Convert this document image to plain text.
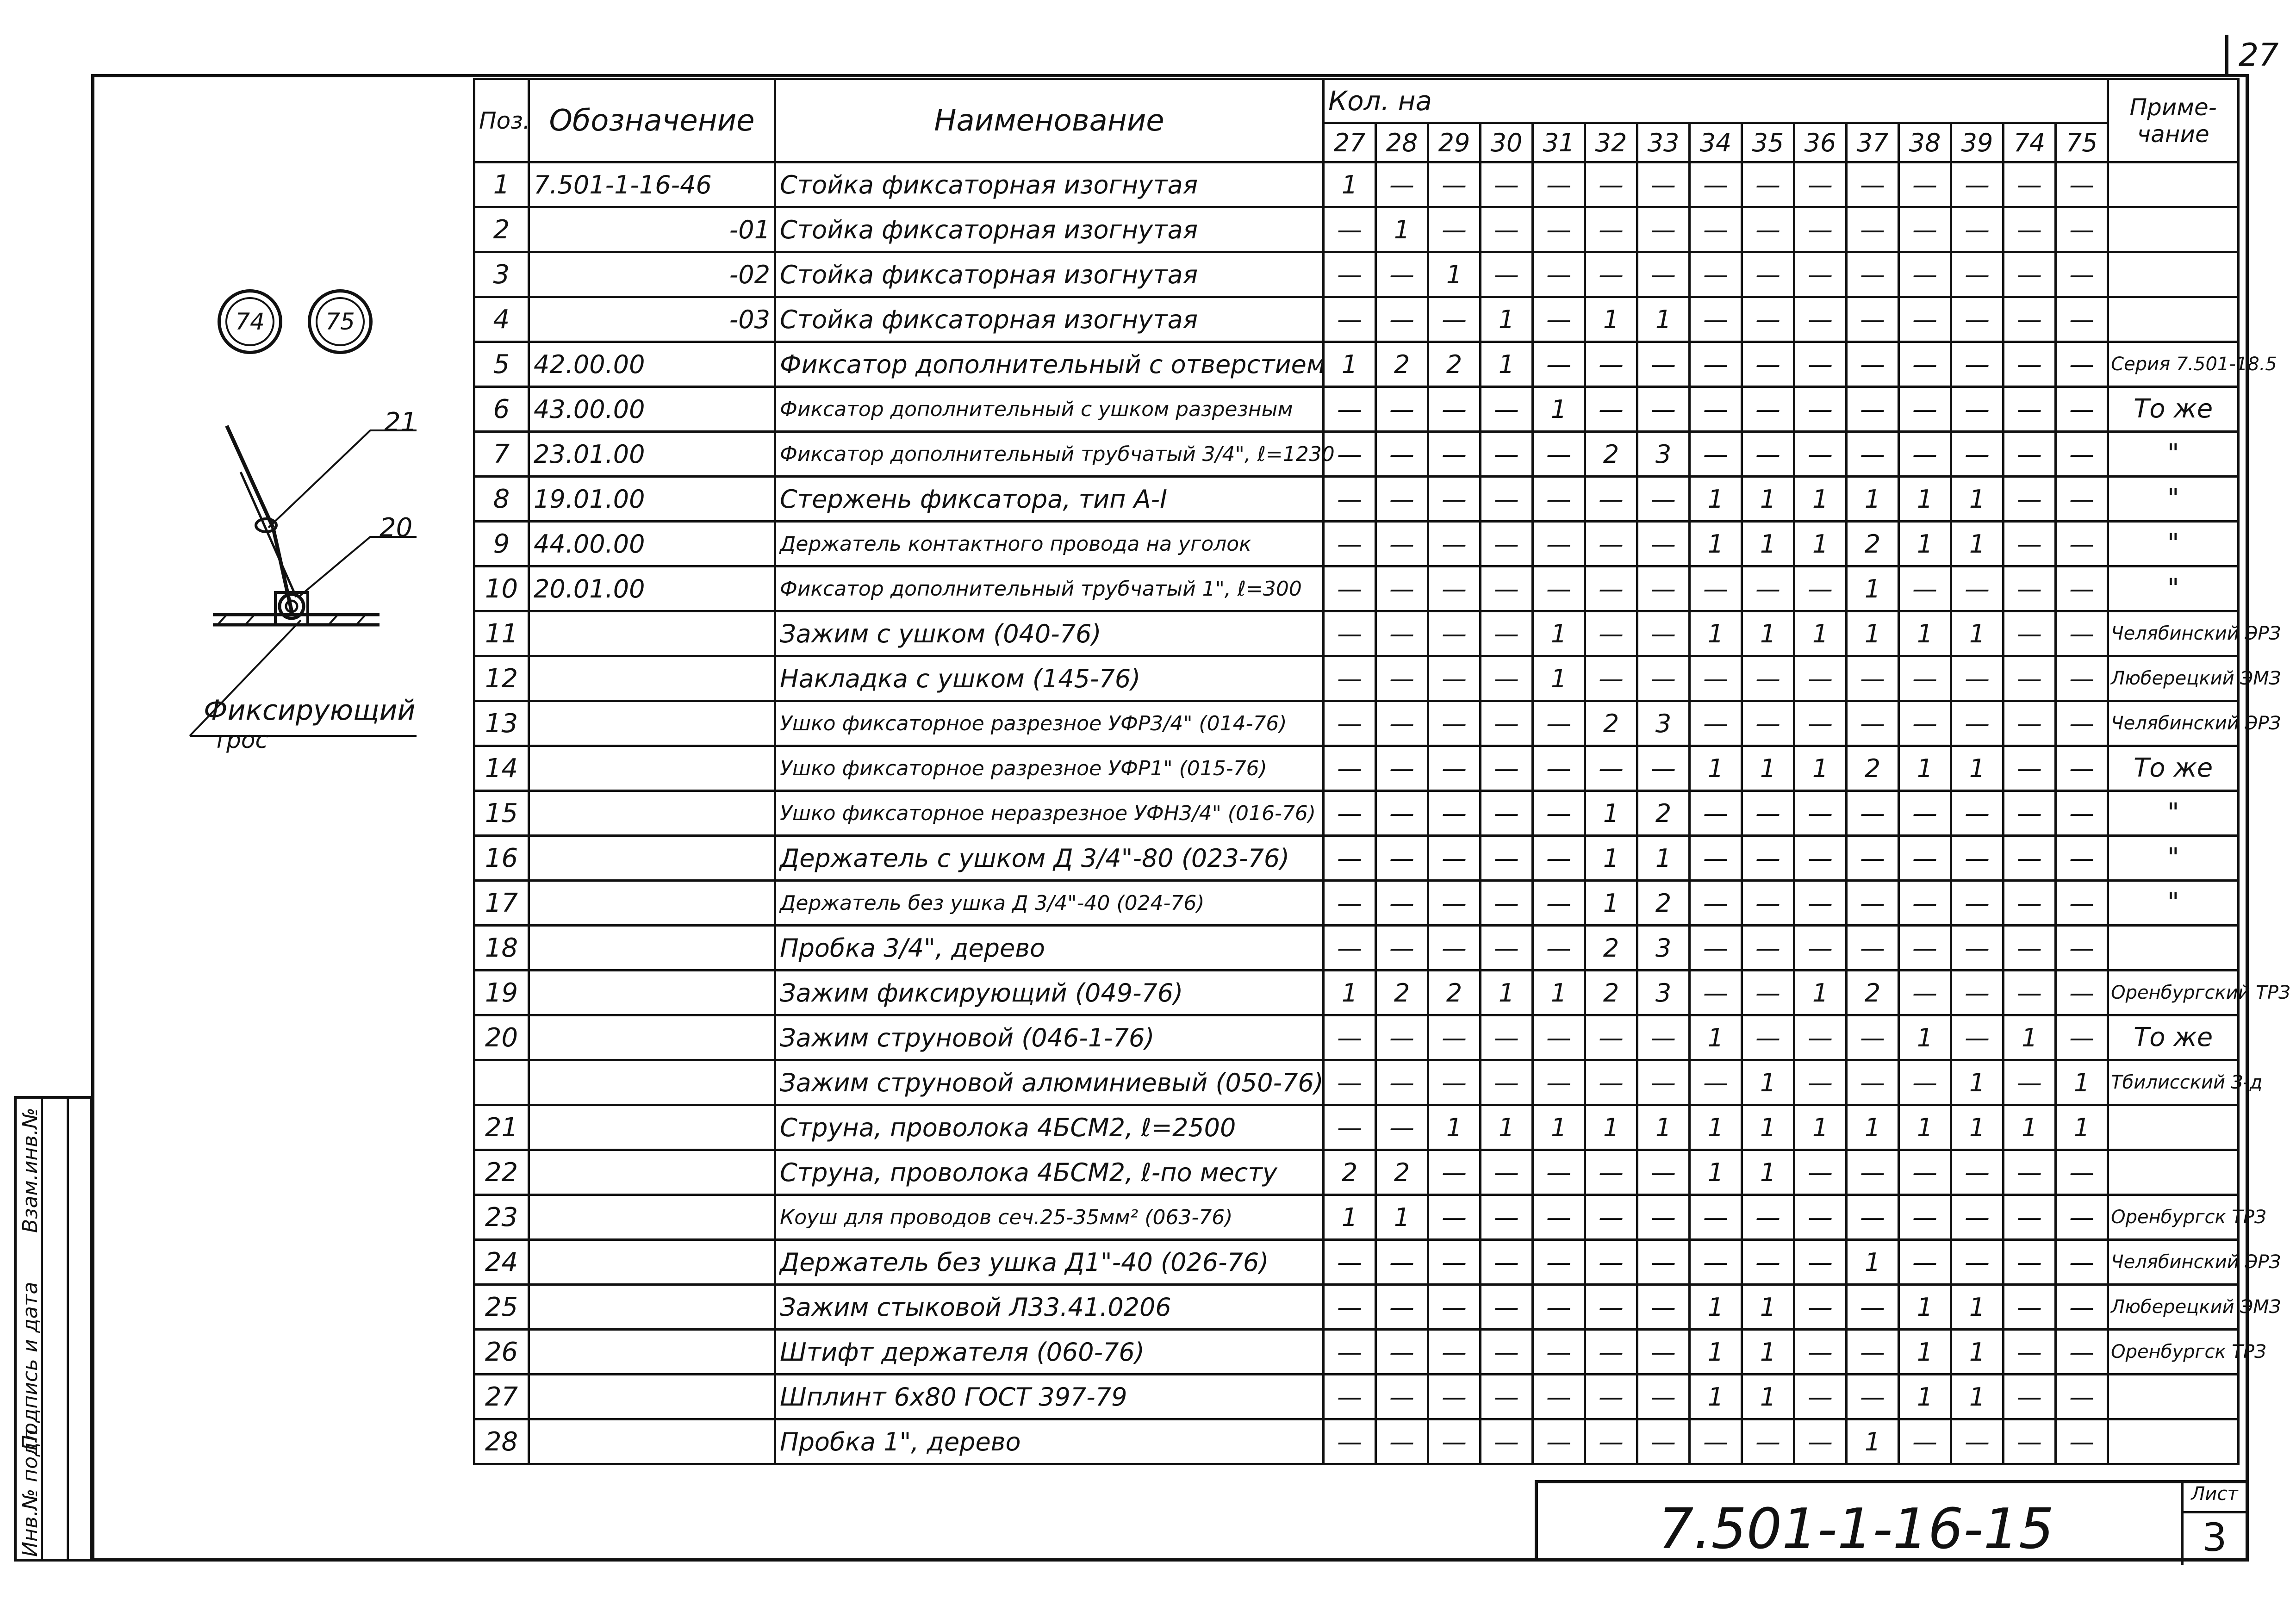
27
Инв.№ подл.
Подпись и дата
Взам.инв.№
74	75
21
20
Фиксирующий
трос
Поз.	Обозначение	Наименование	Кол. на															Приме-
чание

			27	28	29	30	31	32	33	34	35	36	37	38	39	74	75	
1	7.501-1-16-46	Стойка фиксаторная изогнутая	1	—	—	—	—	—	—	—	—	—	—	—	—	—	—	
2	-01	Стойка фиксаторная изогнутая	—	1	—	—	—	—	—	—	—	—	—	—	—	—	—	
3	-02	Стойка фиксаторная изогнутая	—	—	1	—	—	—	—	—	—	—	—	—	—	—	—	
4	-03	Стойка фиксаторная изогнутая	—	—	—	1	—	1	1	—	—	—	—	—	—	—	—	
5	42.00.00	Фиксатор дополнительный с отверстием	1	2	2	1	—	—	—	—	—	—	—	—	—	—	—	Серия 7.501-18.5
6	43.00.00	Фиксатор дополнительный с ушком разрезным	—	—	—	—	1	—	—	—	—	—	—	—	—	—	—	То же
7	23.01.00	Фиксатор дополнительный трубчатый 3/4", ℓ=1230	—	—	—	—	—	2	3	—	—	—	—	—	—	—	—	"
8	19.01.00	Стержень фиксатора, тип А-I	—	—	—	—	—	—	—	1	1	1	1	1	1	—	—	"
9	44.00.00	Держатель контактного провода на уголок	—	—	—	—	—	—	—	1	1	1	2	1	1	—	—	"
10	20.01.00	Фиксатор дополнительный трубчатый 1", ℓ=300	—	—	—	—	—	—	—	—	—	—	1	—	—	—	—	"
11		Зажим с ушком (040-76)	—	—	—	—	1	—	—	1	1	1	1	1	1	—	—	Челябинский ЭРЗ
12		Накладка с ушком (145-76)	—	—	—	—	1	—	—	—	—	—	—	—	—	—	—	Люберецкий ЭМЗ
13		Ушко фиксаторное разрезное УФР3/4" (014-76)	—	—	—	—	—	2	3	—	—	—	—	—	—	—	—	Челябинский ЭРЗ
14		Ушко фиксаторное разрезное УФР1" (015-76)	—	—	—	—	—	—	—	1	1	1	2	1	1	—	—	То же
15		Ушко фиксаторное неразрезное УФН3/4" (016-76)	—	—	—	—	—	1	2	—	—	—	—	—	—	—	—	"
16		Держатель с ушком Д 3/4"-80 (023-76)	—	—	—	—	—	1	1	—	—	—	—	—	—	—	—	"
17		Держатель без ушка Д 3/4"-40 (024-76)	—	—	—	—	—	1	2	—	—	—	—	—	—	—	—	"
18		Пробка 3/4", дерево	—	—	—	—	—	2	3	—	—	—	—	—	—	—	—	
19		Зажим фиксирующий (049-76)	1	2	2	1	1	2	3	—	—	1	2	—	—	—	—	Оренбургский ТРЗ
20		Зажим струновой (046-1-76)	—	—	—	—	—	—	—	1	—	—	—	1	—	1	—	То же
		Зажим струновой алюминиевый (050-76)	—	—	—	—	—	—	—	—	1	—	—	—	1	—	1	Тбилисский З-д
21		Струна, проволока 4БСМ2, ℓ=2500	—	—	1	1	1	1	1	1	1	1	1	1	1	1	1	
22		Струна, проволока 4БСМ2, ℓ-по месту	2	2	—	—	—	—	—	1	1	—	—	—	—	—	—	
23		Коуш для проводов сеч.25-35мм² (063-76)	1	1	—	—	—	—	—	—	—	—	—	—	—	—	—	Оренбургск ТРЗ
24		Держатель без ушка Д1"-40 (026-76)	—	—	—	—	—	—	—	—	—	—	1	—	—	—	—	Челябинский ЭРЗ
25		Зажим стыковой Л33.41.0206	—	—	—	—	—	—	—	1	1	—	—	1	1	—	—	Люберецкий ЭМЗ
26		Штифт держателя (060-76)	—	—	—	—	—	—	—	1	1	—	—	1	1	—	—	Оренбургск ТРЗ
27		Шплинт 6х80 ГОСТ 397-79	—	—	—	—	—	—	—	1	1	—	—	1	1	—	—	
28		Пробка 1", дерево	—	—	—	—	—	—	—	—	—	—	1	—	—	—	—	
7.501-1-16-15
Лист
3
